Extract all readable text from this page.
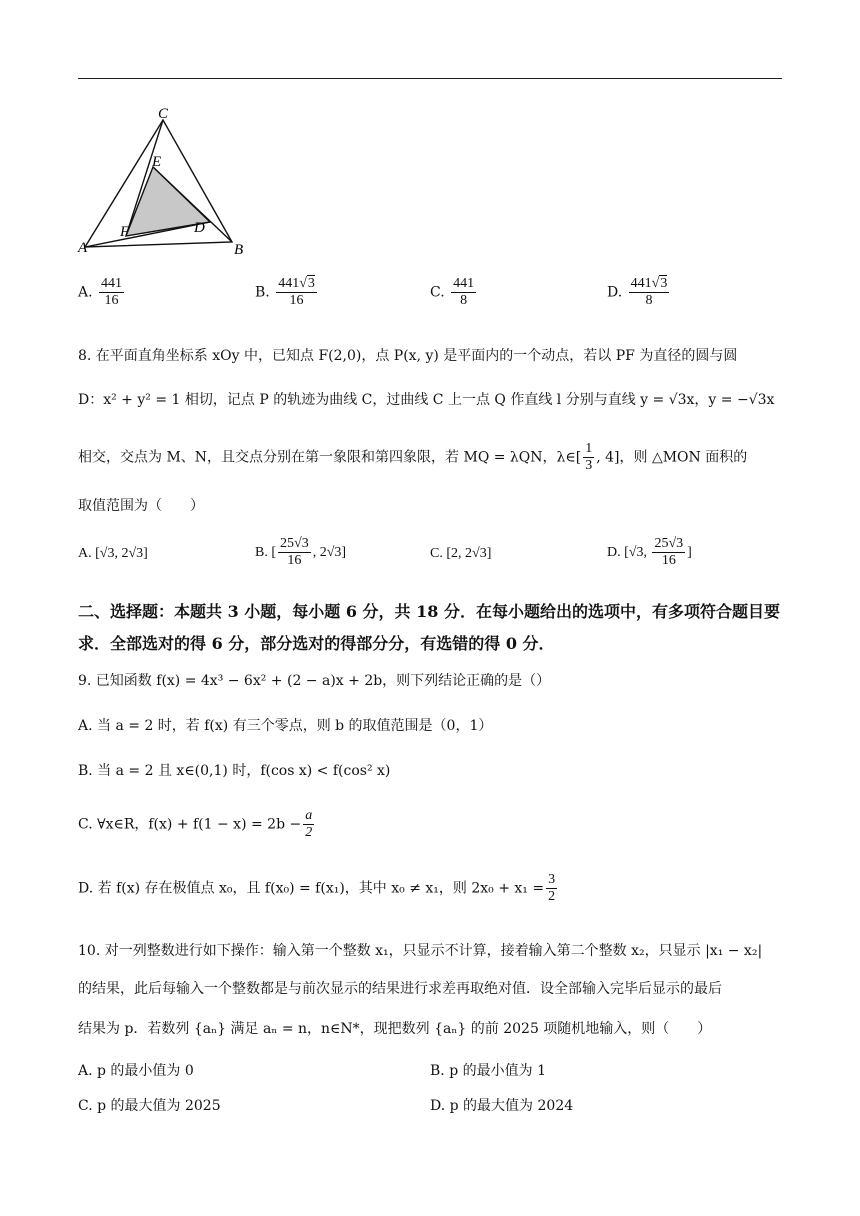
C
E
F	D
A	B
A. $\frac{441}{16}$	B. $\frac{441√3}{16}$	C. $\frac{441}{8}$	D. $\frac{441√3}{8}$
8. 在平面直角坐标系 xOy 中，已知点 F(2,0)，点 P(x, y) 是平面内的一个动点，若以 PF 为直径的圆与圆
D：x² + y² = 1 相切，记点 P 的轨迹为曲线 C，过曲线 C 上一点 Q 作直线 l 分别与直线 y = √3x，y = −√3x
相交，交点为 M、N，且交点分别在第一象限和第四象限，若 MQ = λQN，λ∈[ $\frac{1}{3}$ , 4]，则 △MON 面积的
取值范围为（　　）
A. [√3, 2√3]	B. [ $\frac{25√3}{16}$ , 2√3]	C. [2, 2√3]	D. [√3, $\frac{25√3}{16}$ ]
二、选择题：本题共 3 小题，每小题 6 分，共 18 分．在每小题给出的选项中，有多项符合题目要求．全部选对的得 6 分，部分选对的得部分分，有选错的得 0 分．
9. 已知函数 f(x) = 4x³ − 6x² + (2 − a)x + 2b，则下列结论正确的是（）
A. 当 a = 2 时，若 f(x) 有三个零点，则 b 的取值范围是（0，1）
B. 当 a = 2 且 x∈(0,1) 时，f(cos x) < f(cos² x)
C. ∀x∈R，$f(x) + f(1 - x) = 2b - \frac{a}{2}$
D. 若 f(x) 存在极值点 x₀，且 f(x₀) = f(x₁)，其中 x₀ ≠ x₁，则 $2x_0 + x_1 = \frac{3}{2}$
10. 对一列整数进行如下操作：输入第一个整数 x₁，只显示不计算，接着输入第二个整数 x₂，只显示 |x₁ − x₂|
的结果，此后每输入一个整数都是与前次显示的结果进行求差再取绝对值．设全部输入完毕后显示的最后
结果为 p．若数列 {aₙ} 满足 aₙ = n，n∈N*，现把数列 {aₙ} 的前 2025 项随机地输入，则（　　）
A. p 的最小值为 0	B. p 的最小值为 1
C. p 的最大值为 2025	D. p 的最大值为 2024
